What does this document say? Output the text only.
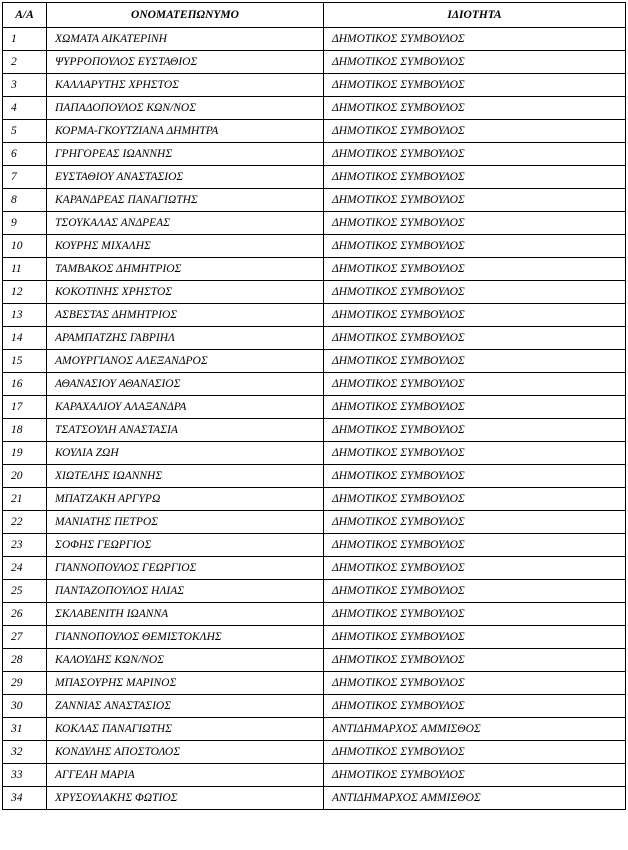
Α/Α	ΟΝΟΜΑΤΕΠΩΝΥΜΟ	ΙΔΙΟΤΗΤΑ
1	ΧΩΜΑΤΑ ΑΙΚΑΤΕΡΙΝΗ	ΔΗΜΟΤΙΚΟΣ ΣΥΜΒΟΥΛΟΣ
2	ΨΥΡΡΟΠΟΥΛΟΣ ΕΥΣΤΑΘΙΟΣ	ΔΗΜΟΤΙΚΟΣ ΣΥΜΒΟΥΛΟΣ
3	ΚΑΛΛΑΡΥΤΗΣ ΧΡΗΣΤΟΣ	ΔΗΜΟΤΙΚΟΣ ΣΥΜΒΟΥΛΟΣ
4	ΠΑΠΑΔΟΠΟΥΛΟΣ ΚΩΝ/ΝΟΣ	ΔΗΜΟΤΙΚΟΣ ΣΥΜΒΟΥΛΟΣ
5	ΚΟΡΜΑ-ΓΚΟΥΤΖΙΑΝΑ ΔΗΜΗΤΡΑ	ΔΗΜΟΤΙΚΟΣ ΣΥΜΒΟΥΛΟΣ
6	ΓΡΗΓΟΡΕΑΣ ΙΩΑΝΝΗΣ	ΔΗΜΟΤΙΚΟΣ ΣΥΜΒΟΥΛΟΣ
7	ΕΥΣΤΑΘΙΟΥ ΑΝΑΣΤΑΣΙΟΣ	ΔΗΜΟΤΙΚΟΣ ΣΥΜΒΟΥΛΟΣ
8	ΚΑΡΑΝΔΡΕΑΣ ΠΑΝΑΓΙΩΤΗΣ	ΔΗΜΟΤΙΚΟΣ ΣΥΜΒΟΥΛΟΣ
9	ΤΣΟΥΚΑΛΑΣ ΑΝΔΡΕΑΣ	ΔΗΜΟΤΙΚΟΣ ΣΥΜΒΟΥΛΟΣ
10	ΚΟΥΡΗΣ ΜΙΧΑΛΗΣ	ΔΗΜΟΤΙΚΟΣ ΣΥΜΒΟΥΛΟΣ
11	ΤΑΜΒΑΚΟΣ ΔΗΜΗΤΡΙΟΣ	ΔΗΜΟΤΙΚΟΣ ΣΥΜΒΟΥΛΟΣ
12	ΚΟΚΟΤΙΝΗΣ ΧΡΗΣΤΟΣ	ΔΗΜΟΤΙΚΟΣ ΣΥΜΒΟΥΛΟΣ
13	ΑΣΒΕΣΤΑΣ ΔΗΜΗΤΡΙΟΣ	ΔΗΜΟΤΙΚΟΣ ΣΥΜΒΟΥΛΟΣ
14	ΑΡΑΜΠΑΤΖΗΣ ΓΑΒΡΙΗΛ	ΔΗΜΟΤΙΚΟΣ ΣΥΜΒΟΥΛΟΣ
15	ΑΜΟΥΡΓΙΑΝΟΣ ΑΛΕΞΑΝΔΡΟΣ	ΔΗΜΟΤΙΚΟΣ ΣΥΜΒΟΥΛΟΣ
16	ΑΘΑΝΑΣΙΟΥ ΑΘΑΝΑΣΙΟΣ	ΔΗΜΟΤΙΚΟΣ ΣΥΜΒΟΥΛΟΣ
17	ΚΑΡΑΧΑΛΙΟΥ ΑΛΑΞΑΝΔΡΑ	ΔΗΜΟΤΙΚΟΣ ΣΥΜΒΟΥΛΟΣ
18	ΤΣΑΤΣΟΥΛΗ ΑΝΑΣΤΑΣΙΑ	ΔΗΜΟΤΙΚΟΣ ΣΥΜΒΟΥΛΟΣ
19	ΚΟΥΛΙΑ ΖΩΗ	ΔΗΜΟΤΙΚΟΣ ΣΥΜΒΟΥΛΟΣ
20	ΧΙΩΤΕΛΗΣ ΙΩΑΝΝΗΣ	ΔΗΜΟΤΙΚΟΣ ΣΥΜΒΟΥΛΟΣ
21	ΜΠΑΤΖΑΚΗ ΑΡΓΥΡΩ	ΔΗΜΟΤΙΚΟΣ ΣΥΜΒΟΥΛΟΣ
22	ΜΑΝΙΑΤΗΣ ΠΕΤΡΟΣ	ΔΗΜΟΤΙΚΟΣ ΣΥΜΒΟΥΛΟΣ
23	ΣΟΦΗΣ ΓΕΩΡΓΙΟΣ	ΔΗΜΟΤΙΚΟΣ ΣΥΜΒΟΥΛΟΣ
24	ΓΙΑΝΝΟΠΟΥΛΟΣ ΓΕΩΡΓΙΟΣ	ΔΗΜΟΤΙΚΟΣ ΣΥΜΒΟΥΛΟΣ
25	ΠΑΝΤΑΖΟΠΟΥΛΟΣ ΗΛΙΑΣ	ΔΗΜΟΤΙΚΟΣ ΣΥΜΒΟΥΛΟΣ
26	ΣΚΛΑΒΕΝΙΤΗ ΙΩΑΝΝΑ	ΔΗΜΟΤΙΚΟΣ ΣΥΜΒΟΥΛΟΣ
27	ΓΙΑΝΝΟΠΟΥΛΟΣ ΘΕΜΙΣΤΟΚΛΗΣ	ΔΗΜΟΤΙΚΟΣ ΣΥΜΒΟΥΛΟΣ
28	ΚΑΛΟΥΔΗΣ ΚΩΝ/ΝΟΣ	ΔΗΜΟΤΙΚΟΣ ΣΥΜΒΟΥΛΟΣ
29	ΜΠΑΣΟΥΡΗΣ ΜΑΡΙΝΟΣ	ΔΗΜΟΤΙΚΟΣ ΣΥΜΒΟΥΛΟΣ
30	ΖΑΝΝΙΑΣ ΑΝΑΣΤΑΣΙΟΣ	ΔΗΜΟΤΙΚΟΣ ΣΥΜΒΟΥΛΟΣ
31	ΚΟΚΛΑΣ ΠΑΝΑΓΙΩΤΗΣ	ΑΝΤΙΔΗΜΑΡΧΟΣ ΑΜΜΙΣΘΟΣ
32	ΚΟΝΔΥΛΗΣ ΑΠΟΣΤΟΛΟΣ	ΔΗΜΟΤΙΚΟΣ ΣΥΜΒΟΥΛΟΣ
33	ΑΓΓΕΛΗ ΜΑΡΙΑ	ΔΗΜΟΤΙΚΟΣ ΣΥΜΒΟΥΛΟΣ
34	ΧΡΥΣΟΥΛΑΚΗΣ ΦΩΤΙΟΣ	ΑΝΤΙΔΗΜΑΡΧΟΣ ΑΜΜΙΣΘΟΣ
